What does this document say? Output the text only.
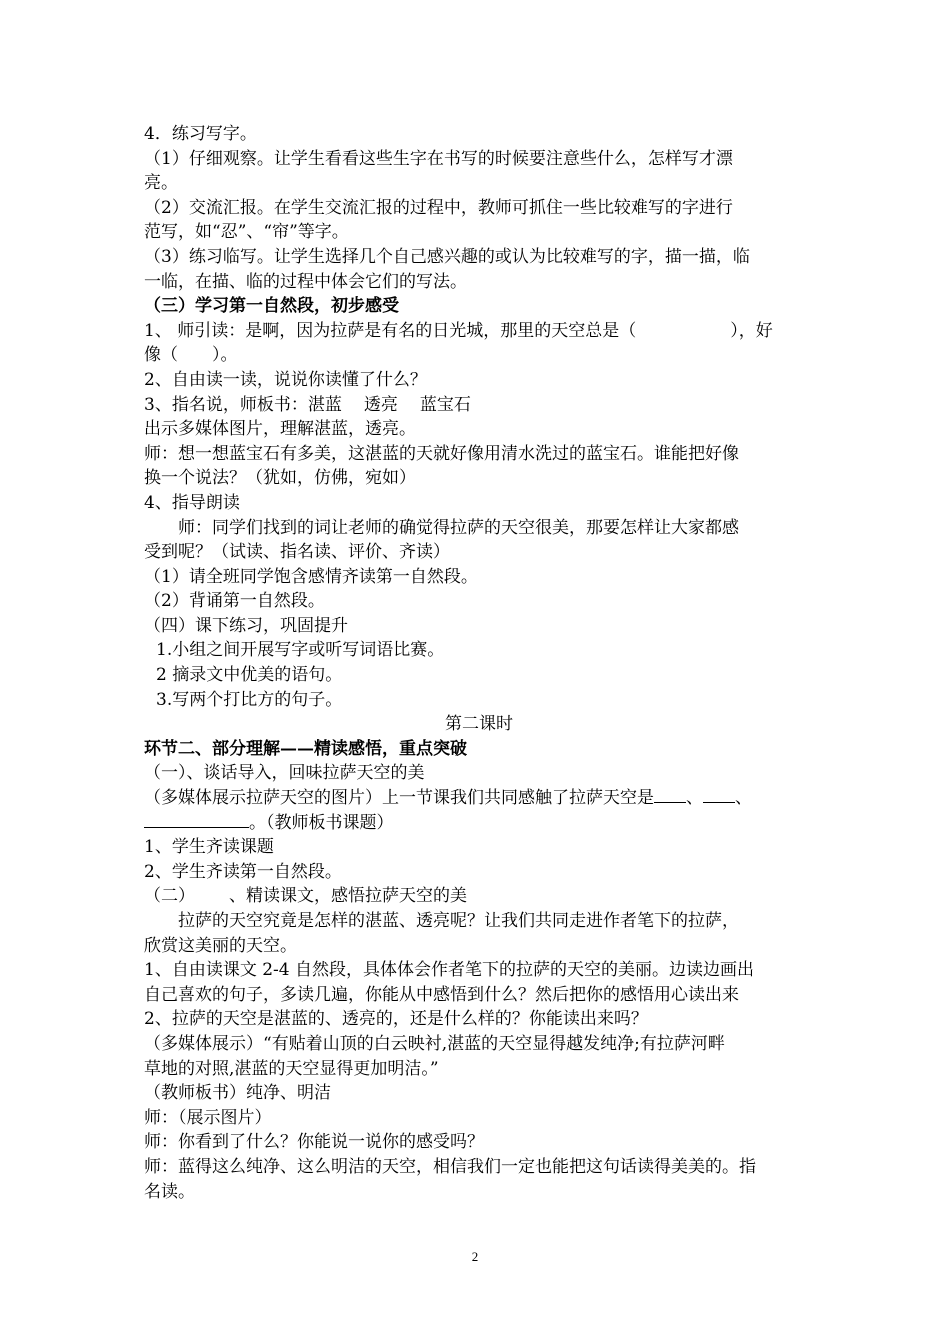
4．练习写字。

（1）仔细观察。让学生看看这些生字在书写的时候要注意些什么，怎样写才漂

亮。

（2）交流汇报。在学生交流汇报的过程中，教师可抓住一些比较难写的字进行

范写，如“忍”、“帘”等字。

（3）练习临写。让学生选择几个自己感兴趣的或认为比较难写的字，描一描，临

一临，在描、临的过程中体会它们的写法。

（三）学习第一自然段，初步感受

1、 师引读：是啊，因为拉萨是有名的日光城，那里的天空总是（	），好

像（ ）。

2、自由读一读，说说你读懂了什么？

3、指名说，师板书：湛蓝 透亮 蓝宝石

出示多媒体图片，理解湛蓝，透亮。

师：想一想蓝宝石有多美，这湛蓝的天就好像用清水洗过的蓝宝石。谁能把好像

换一个说法？（犹如，仿佛，宛如）

4、指导朗读

师：同学们找到的词让老师的确觉得拉萨的天空很美，那要怎样让大家都感

受到呢？（试读、指名读、评价、齐读）

（1）请全班同学饱含感情齐读第一自然段。

（2）背诵第一自然段。

（四）课下练习，巩固提升

1.小组之间开展写字或听写词语比赛。

2 摘录文中优美的语句。

3.写两个打比方的句子。

第二课时

环节二、部分理解——精读感悟，重点突破

（一）、谈话导入，回味拉萨天空的美

（多媒体展示拉萨天空的图片）上一节课我们共同感触了拉萨天空是 、 、

。（教师板书课题）

1、学生齐读课题

2、学生齐读第一自然段。

（二） 、精读课文，感悟拉萨天空的美

拉萨的天空究竟是怎样的湛蓝、透亮呢？让我们共同走进作者笔下的拉萨，

欣赏这美丽的天空。

1、自由读课文 2-4 自然段，具体体会作者笔下的拉萨的天空的美丽。边读边画出

自己喜欢的句子，多读几遍，你能从中感悟到什么？然后把你的感悟用心读出来

2、拉萨的天空是湛蓝的、透亮的，还是什么样的？你能读出来吗？

（多媒体展示）“有贴着山顶的白云映衬,湛蓝的天空显得越发纯净;有拉萨河畔

草地的对照,湛蓝的天空显得更加明洁。”

（教师板书）纯净、明洁

师：（展示图片）

师：你看到了什么？你能说一说你的感受吗？

师：蓝得这么纯净、这么明洁的天空，相信我们一定也能把这句话读得美美的。指

名读。

2
